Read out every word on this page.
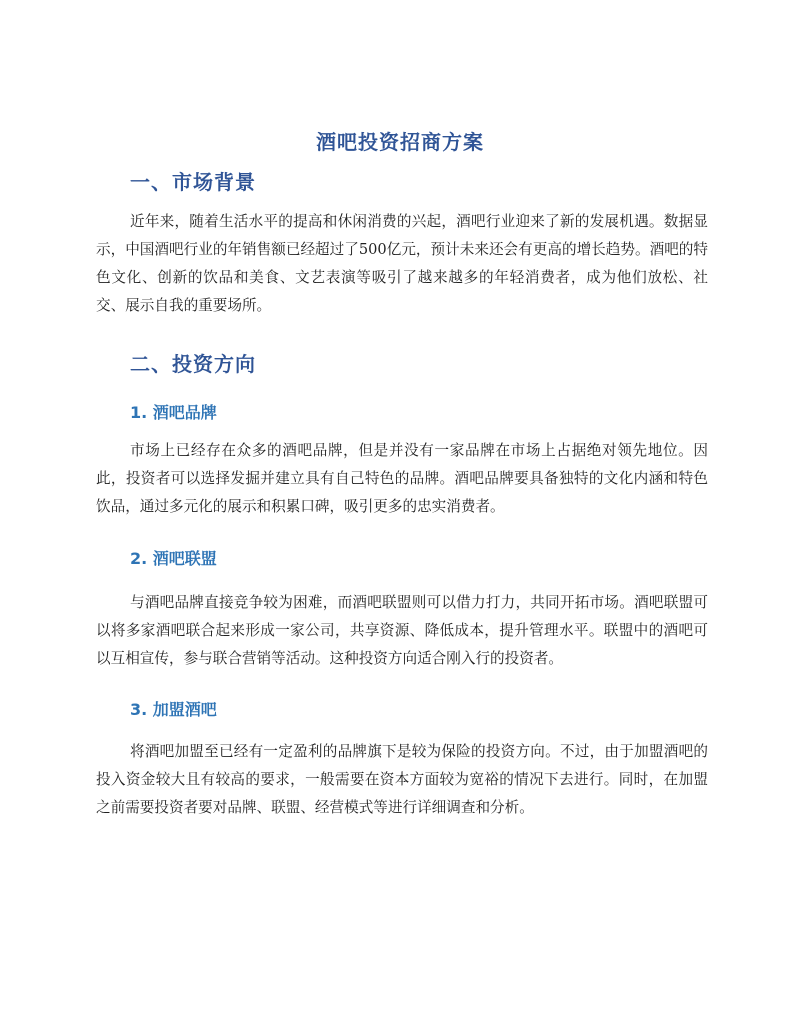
酒吧投资招商方案
一、市场背景

近年来，随着生活水平的提高和休闲消费的兴起，酒吧行业迎来了新的发展机遇。数据显示，中国酒吧行业的年销售额已经超过了500亿元，预计未来还会有更高的增长趋势。酒吧的特色文化、创新的饮品和美食、文艺表演等吸引了越来越多的年轻消费者，成为他们放松、社交、展示自我的重要场所。

二、投资方向
1. 酒吧品牌

市场上已经存在众多的酒吧品牌，但是并没有一家品牌在市场上占据绝对领先地位。因此，投资者可以选择发掘并建立具有自己特色的品牌。酒吧品牌要具备独特的文化内涵和特色饮品，通过多元化的展示和积累口碑，吸引更多的忠实消费者。

2. 酒吧联盟

与酒吧品牌直接竞争较为困难，而酒吧联盟则可以借力打力，共同开拓市场。酒吧联盟可以将多家酒吧联合起来形成一家公司，共享资源、降低成本，提升管理水平。联盟中的酒吧可以互相宣传，参与联合营销等活动。这种投资方向适合刚入行的投资者。

3. 加盟酒吧

将酒吧加盟至已经有一定盈利的品牌旗下是较为保险的投资方向。不过，由于加盟酒吧的投入资金较大且有较高的要求，一般需要在资本方面较为宽裕的情况下去进行。同时，在加盟之前需要投资者要对品牌、联盟、经营模式等进行详细调查和分析。
